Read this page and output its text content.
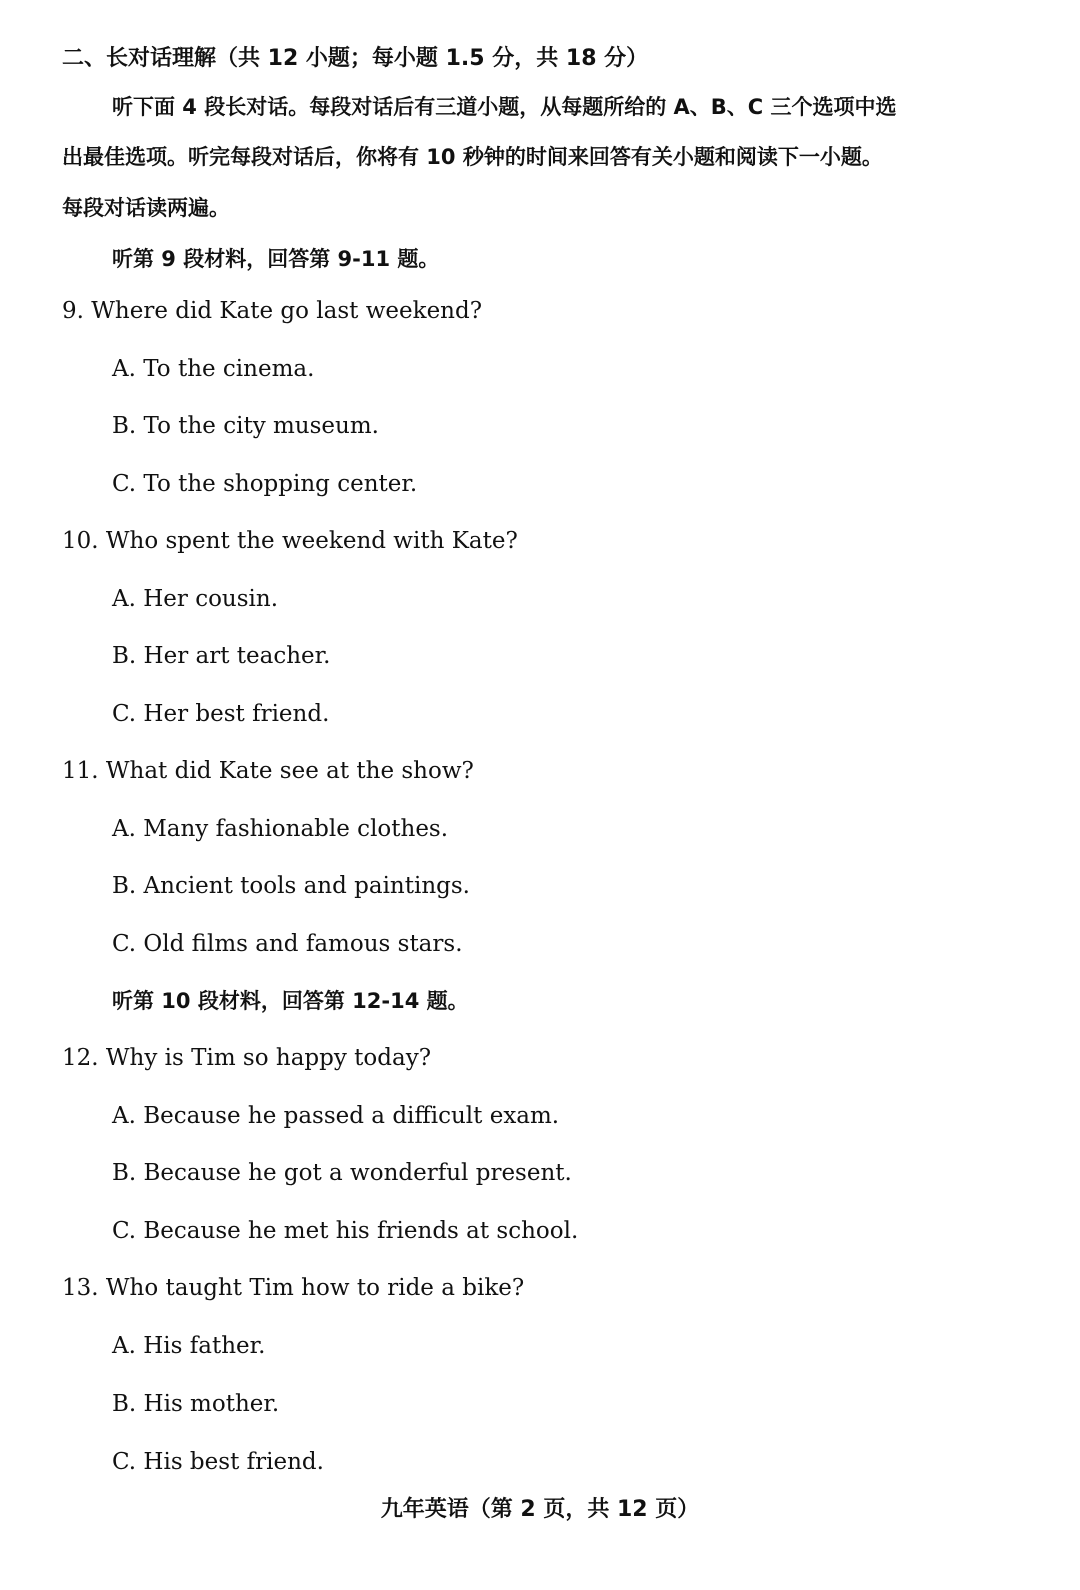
二、长对话理解（共 12 小题；每小题 1.5 分，共 18 分）
听下面 4 段长对话。每段对话后有三道小题，从每题所给的 A、B、C 三个选项中选
出最佳选项。听完每段对话后，你将有 10 秒钟的时间来回答有关小题和阅读下一小题。
每段对话读两遍。
听第 9 段材料，回答第 9-11 题。
9. Where did Kate go last weekend?
A. To the cinema.
B. To the city museum.
C. To the shopping center.
10. Who spent the weekend with Kate?
A. Her cousin.
B. Her art teacher.
C. Her best friend.
11. What did Kate see at the show?
A. Many fashionable clothes.
B. Ancient tools and paintings.
C. Old films and famous stars.
听第 10 段材料，回答第 12-14 题。
12. Why is Tim so happy today?
A. Because he passed a difficult exam.
B. Because he got a wonderful present.
C. Because he met his friends at school.
13. Who taught Tim how to ride a bike?
A. His father.
B. His mother.
C. His best friend.
九年英语（第 2 页，共 12 页）
